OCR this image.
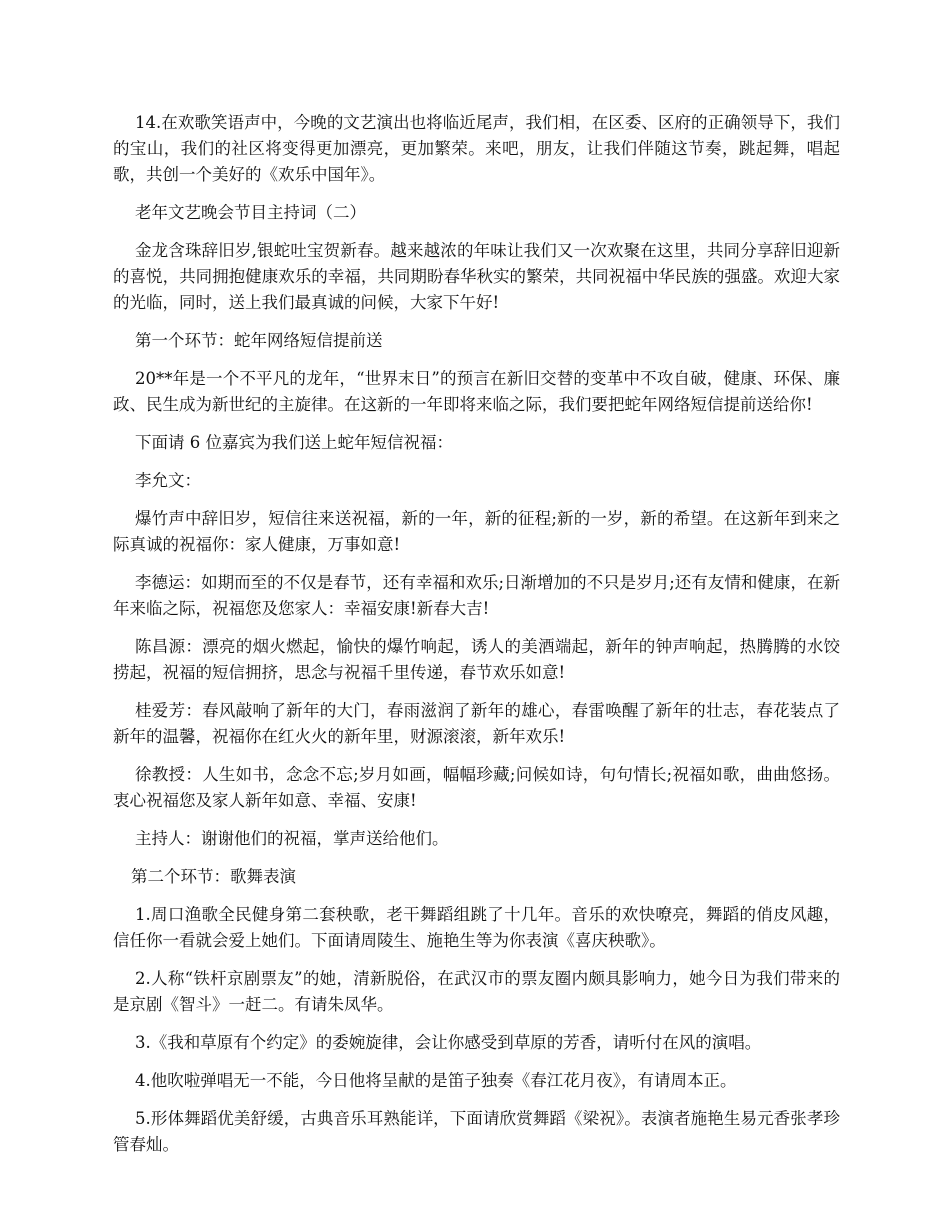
14.在欢歌笑语声中，今晚的文艺演出也将临近尾声，我们相，在区委、区府的正确领导下，我们的宝山，我们的社区将变得更加漂亮，更加繁荣。来吧，朋友，让我们伴随这节奏，跳起舞，唱起歌，共创一个美好的《欢乐中国年》。

老年文艺晚会节目主持词（二）

金龙含珠辞旧岁,银蛇吐宝贺新春。越来越浓的年味让我们又一次欢聚在这里，共同分享辞旧迎新的喜悦，共同拥抱健康欢乐的幸福，共同期盼春华秋实的繁荣，共同祝福中华民族的强盛。欢迎大家的光临，同时，送上我们最真诚的问候，大家下午好!

第一个环节：蛇年网络短信提前送

20**年是一个不平凡的龙年，“世界末日”的预言在新旧交替的变革中不攻自破，健康、环保、廉政、民生成为新世纪的主旋律。在这新的一年即将来临之际，我们要把蛇年网络短信提前送给你!

下面请 6 位嘉宾为我们送上蛇年短信祝福：

李允文：

爆竹声中辞旧岁，短信往来送祝福，新的一年，新的征程;新的一岁，新的希望。在这新年到来之际真诚的祝福你：家人健康，万事如意!

李德运：如期而至的不仅是春节，还有幸福和欢乐;日渐增加的不只是岁月;还有友情和健康，在新年来临之际，祝福您及您家人：幸福安康!新春大吉!

陈昌源：漂亮的烟火燃起，愉快的爆竹响起，诱人的美酒端起，新年的钟声响起，热腾腾的水饺捞起，祝福的短信拥挤，思念与祝福千里传递，春节欢乐如意!

桂爱芳：春风敲响了新年的大门，春雨滋润了新年的雄心，春雷唤醒了新年的壮志，春花装点了新年的温馨，祝福你在红火火的新年里，财源滚滚，新年欢乐!

徐教授：人生如书，念念不忘;岁月如画，幅幅珍藏;问候如诗，句句情长;祝福如歌，曲曲悠扬。衷心祝福您及家人新年如意、幸福、安康!

主持人：谢谢他们的祝福，掌声送给他们。

第二个环节：歌舞表演

1.周口渔歌全民健身第二套秧歌，老干舞蹈组跳了十几年。音乐的欢快嘹亮，舞蹈的俏皮风趣，信任你一看就会爱上她们。下面请周陵生、施艳生等为你表演《喜庆秧歌》。

2.人称“铁杆京剧票友”的她，清新脱俗，在武汉市的票友圈内颇具影响力，她今日为我们带来的是京剧《智斗》一赶二。有请朱凤华。

3.《我和草原有个约定》的委婉旋律，会让你感受到草原的芳香，请听付在风的演唱。

4.他吹啦弹唱无一不能，今日他将呈献的是笛子独奏《春江花月夜》，有请周本正。

5.形体舞蹈优美舒缓，古典音乐耳熟能详，下面请欣赏舞蹈《梁祝》。表演者施艳生易元香张孝珍管春灿。
